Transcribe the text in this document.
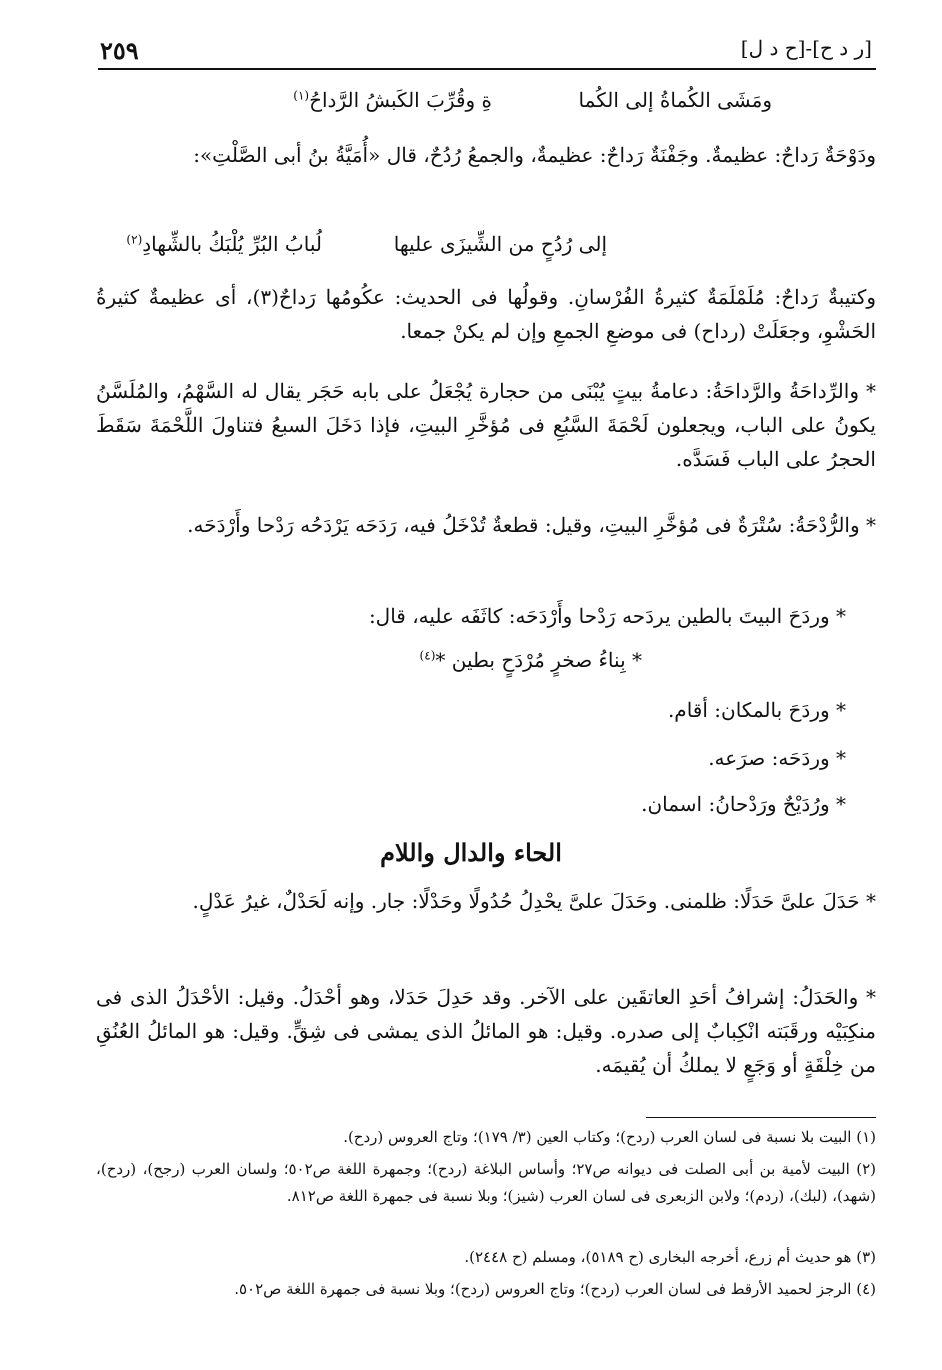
٢٥٩	[ر د ح]-[ح د ل]
ومَشَى الكُماةُ إلى الكُما
ةِ وقُرِّبَ الكَبشُ الرَّداحُ$^{(١)}$
ودَوْحَةٌ رَداحٌ: عظيمةٌ. وجَفْنَةٌ رَداحٌ: عظيمةٌ، والجمعُ رُدُحٌ، قال «أُمَيَّةُ بنُ أبى الصَّلْتِ»:
إلى رُدُحٍ من الشِّيزَى عليها
لُبابُ البُرِّ يُلْبَكُ بالشِّهادِ$^{(٢)}$
وكتيبةٌ رَداحٌ: مُلَمْلَمَةٌ كثيرةُ الفُرْسانِ. وقولُها فى الحديث: عكُومُها رَداحٌ(٣)، أى عظيمةٌ كثيرةُ الحَشْوِ، وجعَلَتْ (رداح) فى موضعِ الجمعِ وإن لم يكنْ جمعا.
* والرِّداحَةُ والرَّداحَةُ: دعامةُ بيتٍ يُبْنَى من حجارة يُجْعَلُ على بابه حَجَر يقال له السَّهْمُ، والمُلَسَّنُ يكونُ على الباب، ويجعلون لَحْمَةَ السَّبُعِ فى مُؤخَّرِ البيتِ، فإذا دَخَلَ السبعُ فتناولَ اللَّحْمَةَ سَقَطَ الحجرُ على الباب فَسَدَّه.
* والرُّدْحَةُ: سُتْرَةٌ فى مُؤخَّرِ البيتِ، وقيل: قطعةٌ تُدْخَلُ فيه، رَدَحَه يَرْدَحُه رَدْحا وأَرْدَحَه.
* وردَحَ البيتَ بالطين يردَحه رَدْحا وأَرْدَحَه: كاثَفَه عليه، قال:
* بِناءُ صخرٍ مُرْدَحٍ بطين *$^{(٤)}$
* وردَحَ بالمكان: أقام.
* وردَحَه: صرَعه.
* ورُدَيْحٌ ورَدْحانُ: اسمان.
الحاء والدال واللام
* حَدَلَ علىَّ حَدَلًا: ظلمنى. وحَدَلَ علىَّ يحْدِلُ حُدُولًا وحَدْلًا: جار. وإنه لَحَدْلٌ، غيرُ عَدْلٍ.
* والحَدَلُ: إشرافُ أحَدِ العاتقَين على الآخر. وقد حَدِلَ حَدَلا، وهو أحْدَلُ. وقيل: الأحْدَلُ الذى فى منكِبَيْه ورقَبَته انْكِبابٌ إلى صدره. وقيل: هو المائلُ الذى يمشى فى شِقٍّ. وقيل: هو المائلُ العُنُقِ من خِلْقَةٍ أو وَجَعٍ لا يملكُ أن يُقيمَه.
(١) البيت بلا نسبة فى لسان العرب (ردح)؛ وكتاب العين (٣/ ١٧٩)؛ وتاج العروس (ردح).
(٢) البيت لأمية بن أبى الصلت فى ديوانه ص٢٧؛ وأساس البلاغة (ردح)؛ وجمهرة اللغة ص٥٠٢؛ ولسان العرب (رجح)، (ردح)، (شهد)، (لبك)، (ردم)؛ ولابن الزبعرى فى لسان العرب (شيز)؛ وبلا نسبة فى جمهرة اللغة ص٨١٢.
(٣) هو حديث أم زرع، أخرجه البخارى (ح ٥١٨٩)، ومسلم (ح ٢٤٤٨).
(٤) الرجز لحميد الأرقط فى لسان العرب (ردح)؛ وتاج العروس (ردح)؛ وبلا نسبة فى جمهرة اللغة ص٥٠٢.
